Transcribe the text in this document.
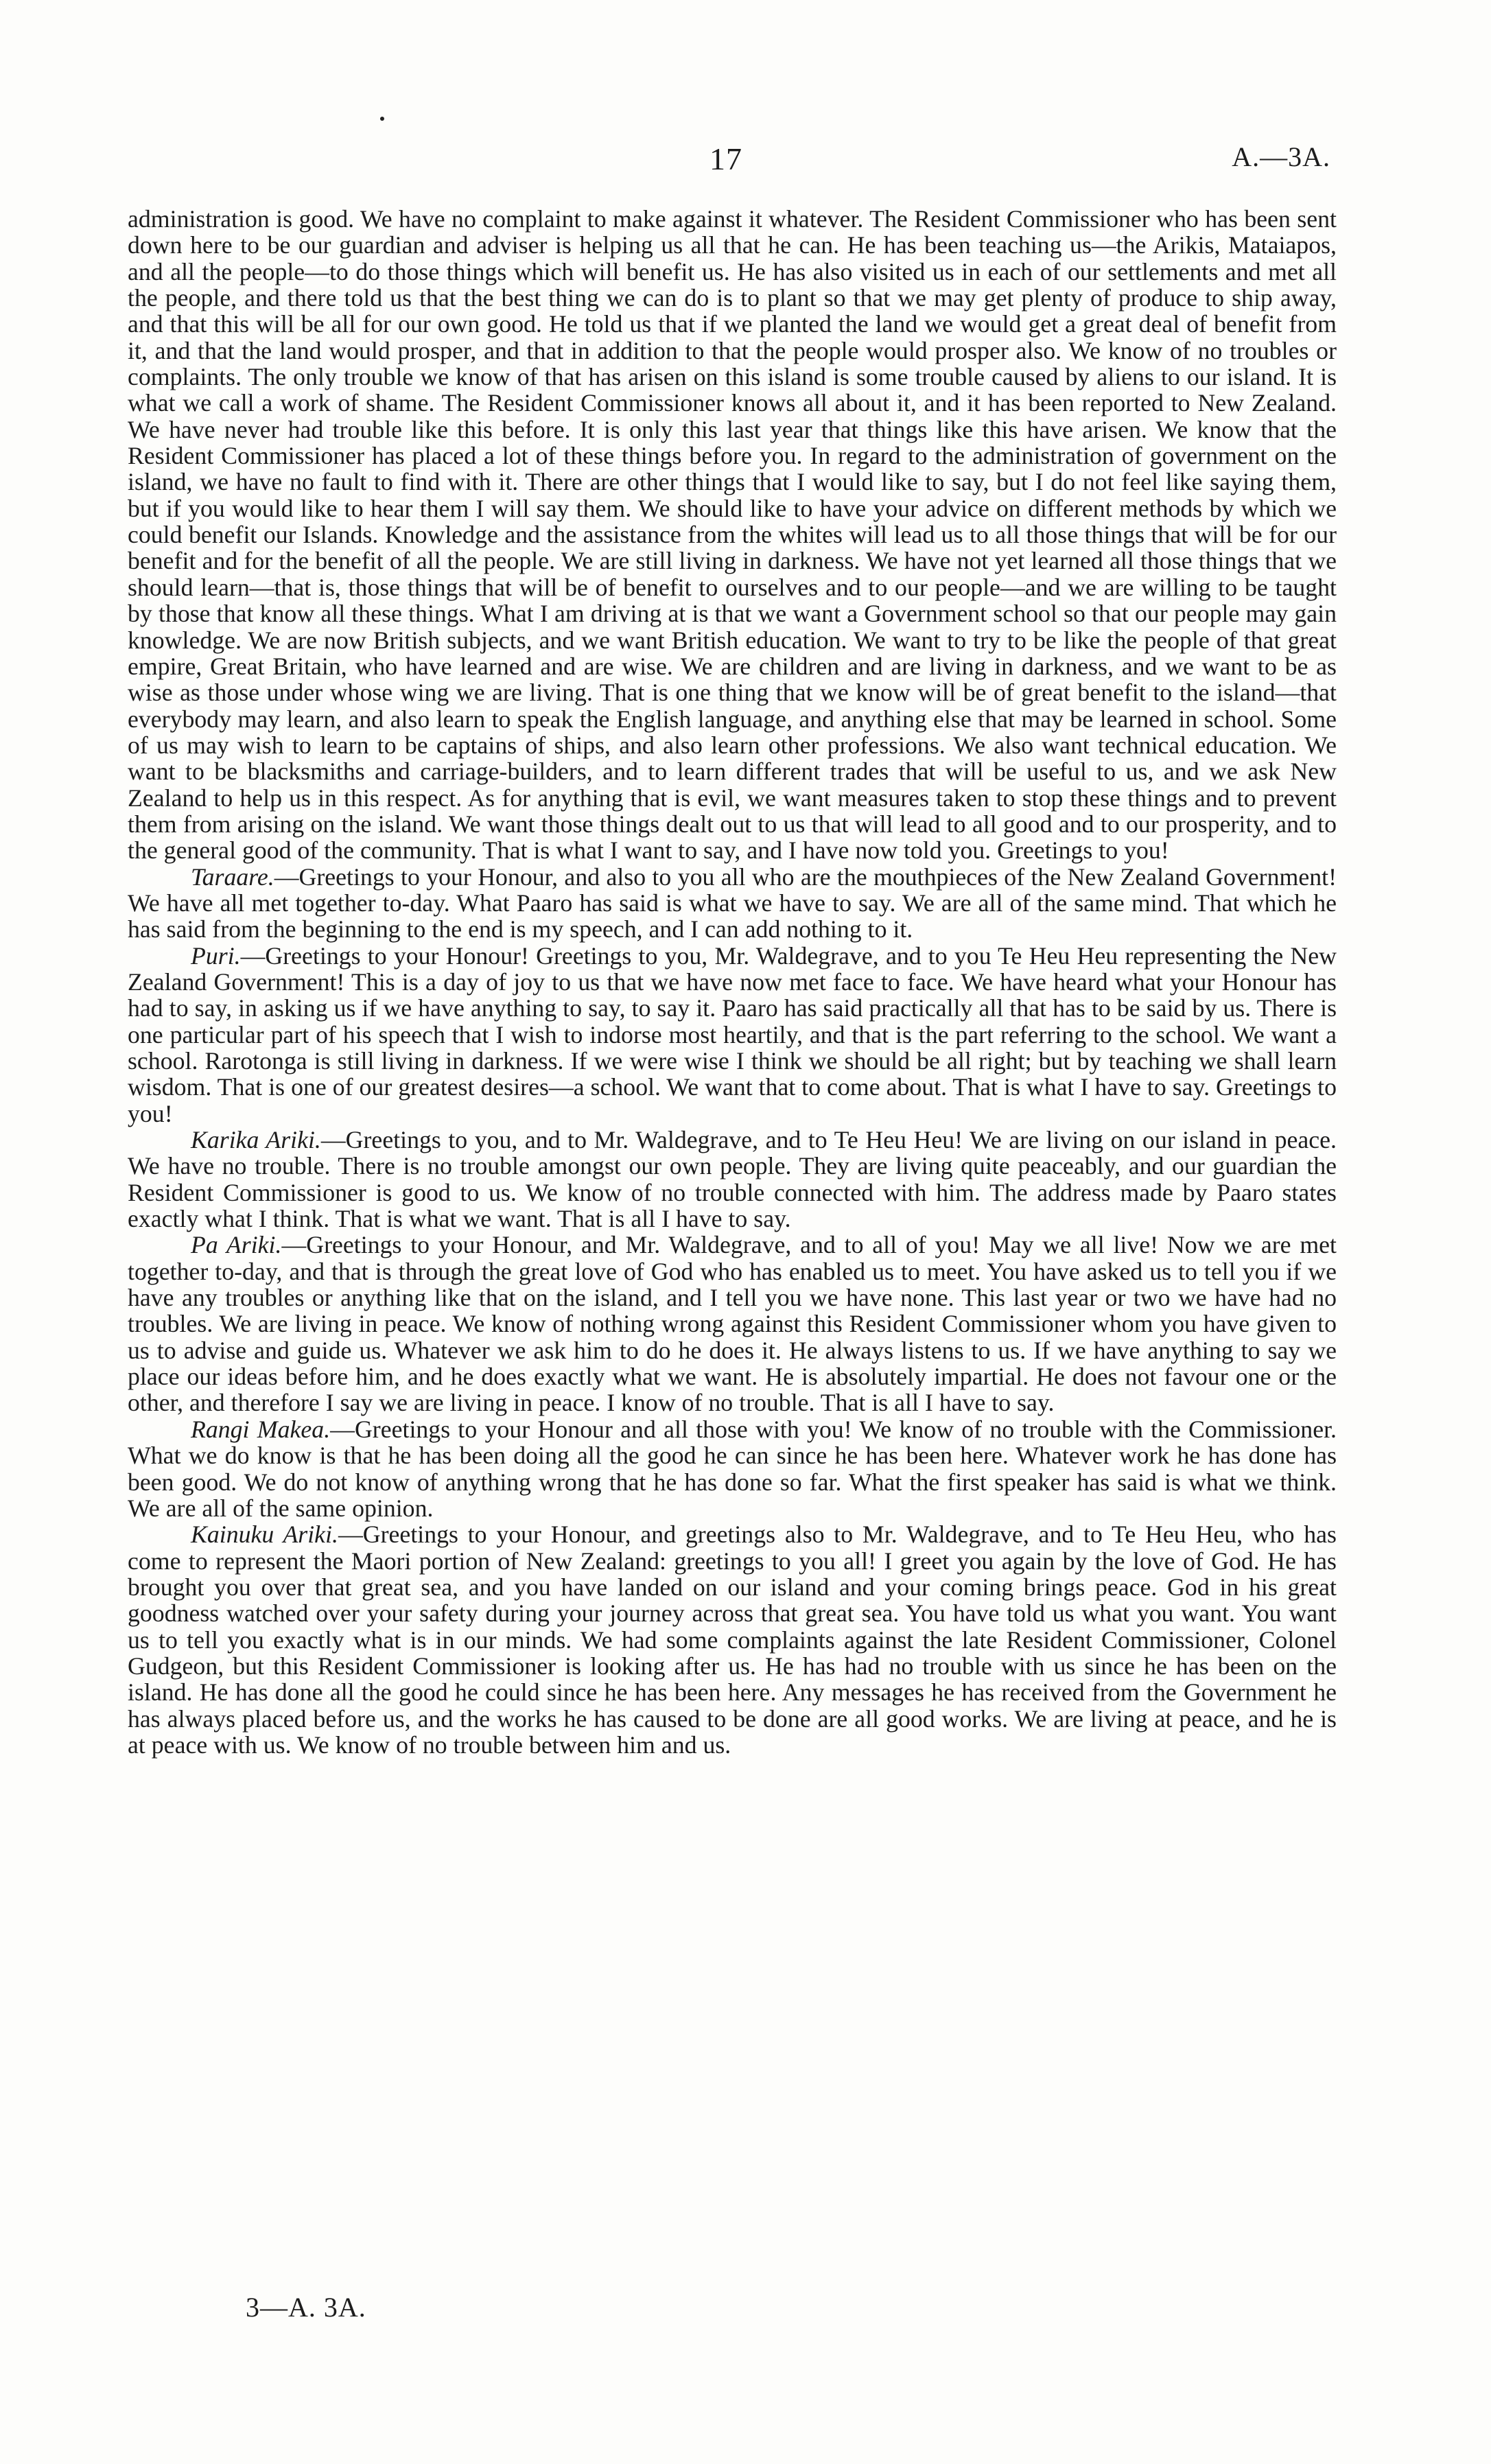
17	A.—3A.

administration is good. We have no complaint to make against it whatever. The Resident Commissioner who has been sent down here to be our guardian and adviser is helping us all that he can. He has been teaching us—the Arikis, Mataiapos, and all the people—to do those things which will benefit us. He has also visited us in each of our settlements and met all the people, and there told us that the best thing we can do is to plant so that we may get plenty of produce to ship away, and that this will be all for our own good. He told us that if we planted the land we would get a great deal of benefit from it, and that the land would prosper, and that in addition to that the people would prosper also. We know of no troubles or complaints. The only trouble we know of that has arisen on this island is some trouble caused by aliens to our island. It is what we call a work of shame. The Resident Commissioner knows all about it, and it has been reported to New Zealand. We have never had trouble like this before. It is only this last year that things like this have arisen. We know that the Resident Commissioner has placed a lot of these things before you. In regard to the administration of government on the island, we have no fault to find with it. There are other things that I would like to say, but I do not feel like saying them, but if you would like to hear them I will say them. We should like to have your advice on different methods by which we could benefit our Islands. Knowledge and the assistance from the whites will lead us to all those things that will be for our benefit and for the benefit of all the people. We are still living in darkness. We have not yet learned all those things that we should learn—that is, those things that will be of benefit to ourselves and to our people—and we are willing to be taught by those that know all these things. What I am driving at is that we want a Government school so that our people may gain knowledge. We are now British subjects, and we want British education. We want to try to be like the people of that great empire, Great Britain, who have learned and are wise. We are children and are living in darkness, and we want to be as wise as those under whose wing we are living. That is one thing that we know will be of great benefit to the island—that everybody may learn, and also learn to speak the English language, and anything else that may be learned in school. Some of us may wish to learn to be captains of ships, and also learn other professions. We also want technical education. We want to be blacksmiths and carriage-builders, and to learn different trades that will be useful to us, and we ask New Zealand to help us in this respect. As for anything that is evil, we want measures taken to stop these things and to prevent them from arising on the island. We want those things dealt out to us that will lead to all good and to our prosperity, and to the general good of the community. That is what I want to say, and I have now told you. Greetings to you!

Taraare.—Greetings to your Honour, and also to you all who are the mouthpieces of the New Zealand Government! We have all met together to-day. What Paaro has said is what we have to say. We are all of the same mind. That which he has said from the beginning to the end is my speech, and I can add nothing to it.

Puri.—Greetings to your Honour! Greetings to you, Mr. Waldegrave, and to you Te Heu Heu representing the New Zealand Government! This is a day of joy to us that we have now met face to face. We have heard what your Honour has had to say, in asking us if we have anything to say, to say it. Paaro has said practically all that has to be said by us. There is one particular part of his speech that I wish to indorse most heartily, and that is the part referring to the school. We want a school. Rarotonga is still living in darkness. If we were wise I think we should be all right; but by teaching we shall learn wisdom. That is one of our greatest desires—a school. We want that to come about. That is what I have to say. Greetings to you!

Karika Ariki.—Greetings to you, and to Mr. Waldegrave, and to Te Heu Heu! We are living on our island in peace. We have no trouble. There is no trouble amongst our own people. They are living quite peaceably, and our guardian the Resident Commissioner is good to us. We know of no trouble connected with him. The address made by Paaro states exactly what I think. That is what we want. That is all I have to say.

Pa Ariki.—Greetings to your Honour, and Mr. Waldegrave, and to all of you! May we all live! Now we are met together to-day, and that is through the great love of God who has enabled us to meet. You have asked us to tell you if we have any troubles or anything like that on the island, and I tell you we have none. This last year or two we have had no troubles. We are living in peace. We know of nothing wrong against this Resident Commissioner whom you have given to us to advise and guide us. Whatever we ask him to do he does it. He always listens to us. If we have anything to say we place our ideas before him, and he does exactly what we want. He is absolutely impartial. He does not favour one or the other, and therefore I say we are living in peace. I know of no trouble. That is all I have to say.

Rangi Makea.—Greetings to your Honour and all those with you! We know of no trouble with the Commissioner. What we do know is that he has been doing all the good he can since he has been here. Whatever work he has done has been good. We do not know of anything wrong that he has done so far. What the first speaker has said is what we think. We are all of the same opinion.

Kainuku Ariki.—Greetings to your Honour, and greetings also to Mr. Waldegrave, and to Te Heu Heu, who has come to represent the Maori portion of New Zealand: greetings to you all! I greet you again by the love of God. He has brought you over that great sea, and you have landed on our island and your coming brings peace. God in his great goodness watched over your safety during your journey across that great sea. You have told us what you want. You want us to tell you exactly what is in our minds. We had some complaints against the late Resident Commissioner, Colonel Gudgeon, but this Resident Commissioner is looking after us. He has had no trouble with us since he has been on the island. He has done all the good he could since he has been here. Any messages he has received from the Government he has always placed before us, and the works he has caused to be done are all good works. We are living at peace, and he is at peace with us. We know of no trouble between him and us.

3—A. 3A.
